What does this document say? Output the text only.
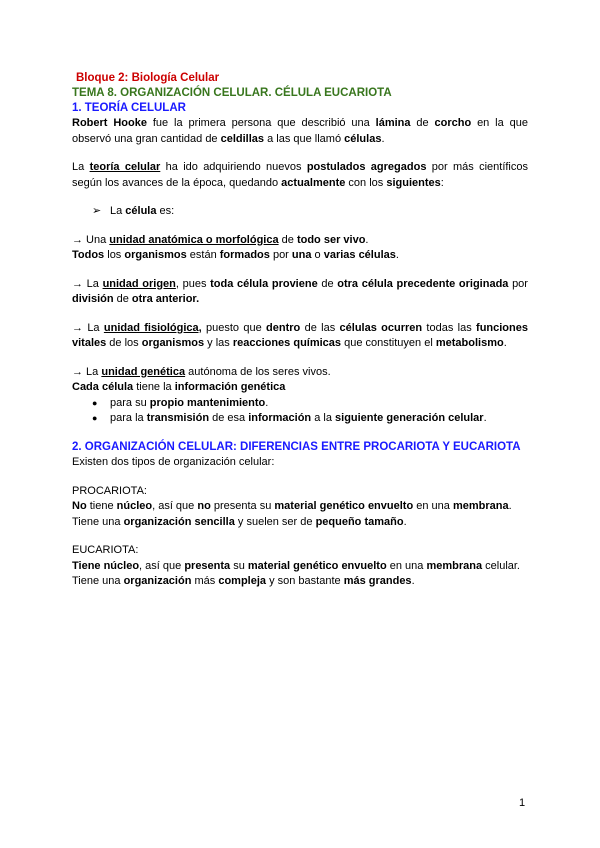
Bloque 2: Biología Celular
TEMA 8. ORGANIZACIÓN CELULAR. CÉLULA EUCARIOTA
1. TEORÍA CELULAR
Robert Hooke fue la primera persona que describió una lámina de corcho en la que observó una gran cantidad de celdillas a las que llamó células.
La teoría celular ha ido adquiriendo nuevos postulados agregados por más científicos según los avances de la época, quedando actualmente con los siguientes:
➢ La célula es:
→ Una unidad anatómica o morfológica de todo ser vivo.
Todos los organismos están formados por una o varias células.
→ La unidad origen, pues toda célula proviene de otra célula precedente originada por división de otra anterior.
→ La unidad fisiológica, puesto que dentro de las células ocurren todas las funciones vitales de los organismos y las reacciones químicas que constituyen el metabolismo.
→ La unidad genética autónoma de los seres vivos.
Cada célula tiene la información genética
● para su propio mantenimiento.
● para la transmisión de esa información a la siguiente generación celular.
2. ORGANIZACIÓN CELULAR: DIFERENCIAS ENTRE PROCARIOTA Y EUCARIOTA
Existen dos tipos de organización celular:
PROCARIOTA:
No tiene núcleo, así que no presenta su material genético envuelto en una membrana.
Tiene una organización sencilla y suelen ser de pequeño tamaño.
EUCARIOTA:
Tiene núcleo, así que presenta su material genético envuelto en una membrana celular.
Tiene una organización más compleja y son bastante más grandes.
1
